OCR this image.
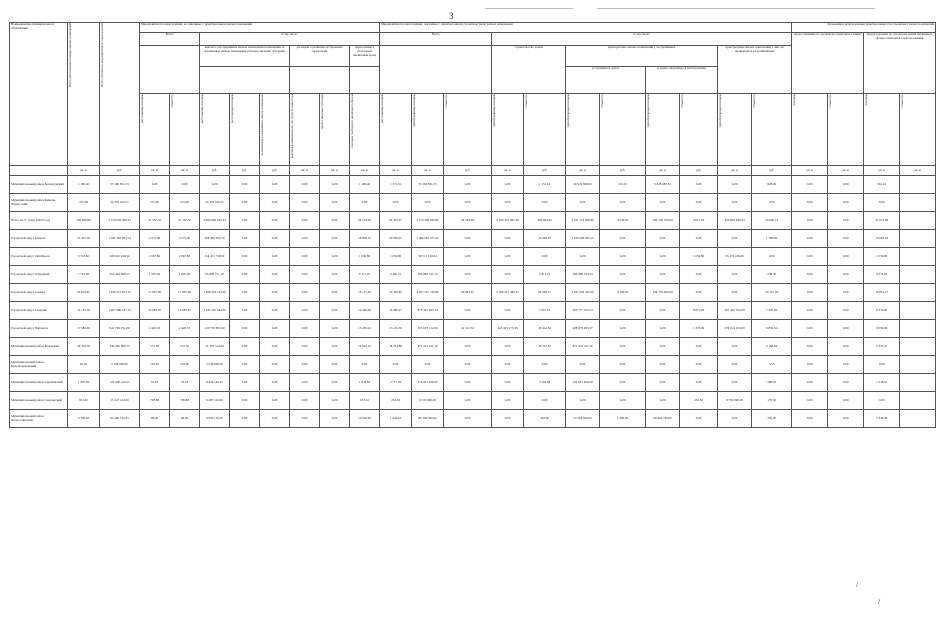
3
Наименование муниципального образования	Всего расселяемая площадь жилых помещений	Всего стоимость мероприятия по переселению	Мероприятия по переселению, не связанные с приобретением жилых помещений								Мероприятия по переселению, связанные с приобретением (строительством) жилых помещений											Дальнейшее использование приобретенных (построенных) жилых помещений			
			Всего		в том числе:						Всего			в том числе:								предоставление по договорам социального найма		предоставление по договорам найма жилищного фонда социального использования	
					выплата собственникам жилых помещений возмещения за изымаемые жилые помещения и предоставление субсидий			договоры о развитии застроенных территорий		переселение в свободный жилищный фонд				строительство домов		приобретение жилых помещений у застройщиков				приобретение жилых помещений у лиц, не являющихся застройщиками					
																в строящихся домах		в домах, введенных в эксплуатацию							

			расселяемая площадь	стоимость	расселяемая площадь	расселяемая площадь	возмещение за изымаемое жилое помещение	выплата возмещения за счет средств инвестора	предоставление субсидии	площадь свободного жилищного фонда	расселяемая площадь	приобретаемая площадь	стоимость	приобретаемая площадь	стоимость	приобретаемая площадь	стоимость	приобретаемая площадь	стоимость	приобретаемая площадь	стоимость	площадь	стоимость	площадь	стоимость

	кв. м	руб.	кв. м	кв. м	руб.	руб.	руб.	кв. м	кв. м	кв. м	кв. м	кв. м	руб.	кв. м	руб.	кв. м	руб.	кв. м	руб.	кв. м	руб.	кв. м	кв. м	кв. м	кв. м
Муниципальный район Безенчукский	1 190,40	55 160 831,53	0,00	0,00	0,00	0,00	0,00	0,00	0,00	1 190,40	1 371,01	55 160 831,53	0,00	0,00	1 151,16	49 541 848,00	161,25	5 618 983,53	0,00	0,00	828,99	0,00	0,00	361,41	
Муниципальный район Кинель-Черкасский	515,90	24 376 106,51	515,90	515,90	24 376 106,51	0,00	0,00	0,00	0,00	0,00	0,00	0,00	0,00	0,00	0,00	0,00	0,00	0,00	0,00	0,00	0,00	0,00	0,00	0,00	
Всего по V этапу (2023 год)	105 699,80	5 570 056 308,24	41 556,52	41 556,52	2 996 846 645,44	0,00	0,00	0,00	0,00	64 143,28	69 335,97	2 573 209 662,80	28 183,99	2 036 451 991,40	409 684,00	2 231 714 609,89	4 239,00	305 159 709,00	6 012,29	456 828 940,43	20 946,73	0,00	0,00	31 673,68	
Городской округ Кинель	23 415,30	1 382 365 085,74	4 575,00	4 575,00	308 483 035,74	0,00	0,00	0,00	0,00	18 839,70	20 099,25	1 086 063 371,45	0,00	0,00	15 699,25	1 040 996 005,16	0,00	0,00	0,00	0,00	1 780,00	0,00	0,00	12 063,26	
Городской округ Октябрьск	3 718,60	209 616 246,54	2 067,80	2 067,80	114 451 758,50	0,00	0,00	0,00	0,00	1 650,80	1 650,80	98 711 120,04	0,00	0,00	0,00	0,00	0,00	0,00	1 650,80	95 153 180,00	0,00	0,00	0,00	1 530,00	
Городской округ Отрадный	7 724,90	453 444 606,53	1 607,40	1 607,40	83 899 751,18	0,00	0,00	0,00	0,00	6 117,25	6 405,21	396 989 321,53	0,00	0,00	6 412,21	396 989 353,43	0,00	0,00	0,00	0,00	238,30	0,00	0,00	4 374,66	
Городской округ Самара	26 034,45	1 636 251 873,72	17 857,69	17 857,69	1 289 222 123,99	0,00	0,00	0,00	0,00	16 177,20	13 102,82	4 057 567 745,90	43 863,67	2 566 417 486,33	84 608,37	3 547 564 291,00	4 100,00	324 750 000,00	0,00	0,00	34 121,32	0,00	0,00	19 061,27	
Городской округ Сызрань	16 133,30	1 207 686 247,34	19 683,95	19 683,95	1 932 545 644,00	0,00	0,00	0,00	0,00	16 460,30	16 860,27	873 445 905,14	0,00	0,00	7 367,91	203 777 160,54	0,00	0,00	8 871,00	267 432 702,00	7 920,00	0,00	0,00	8 376,60	
Городской округ Чапаевск	17 580,60	941 799 251,06	2 420,35	2 420,35	120 730 805,90	0,00	0,00	0,00	0,00	15 230,24	23 115,30	305 097 112,00	42 121,32	445 425 173,18	20 414,36	208 079 005,37	0,00	0,00	1 370,90	670 614 255,00	6 832,32	0,00	0,00	9 059,06	
Муниципальный район Волжский	24 324,70	339 265 892,55	573,50	573,50	31 370 314,00	0,00	0,00	0,00	0,00	19 922,32	18 703,88	871 431 411,50	0,00	0,00	18 723,32	871 431 411,50	0,00	0,00	0,00	0,00	6 168,04	0,00	0,00	6 337,21	
Муниципальный район Красноармейский	95,40	5 188 000,00	163,60	163,60	2 530 000,00	0,00	0,00	0,00	0,00	0,00	0,00	0,00	0,00	0,00	0,00	0,00	0,00	0,00	0,00	0,00	5,55	0,00	0,00	0,00	
Муниципальный район Сергиевский	1 907,82	126 438 126,25	33,63	33,63	8 426 126,25	0,00	0,00	0,00	0,00	1 833,94	2 717,29	116 601 409,00	0,00	0,00	2 102,88	120 621 409,00	0,00	0,00	0,00	0,00	298,35	0,00	0,00	1 536,91	
Муниципальный район Сызранский	811,20	15 247 122,00	798,88	798,88	6 487 122,00	0,00	0,00	0,00	0,00	672,32	252,36	9 722 000,00	0,00	0,00	0,00	0,00	0,00	0,00	232,30	8 750 000,00	170,30	0,00	0,00	0,00	
Муниципальный район Хворостянский	4 700,62	94 298 126,35	98,40	98,40	6 830 170,30	0,00	0,00	0,00	0,00	14 630,00	1 642,63	88 300 000,00	0,00	0,00	363,00	27 084 663,00	1 280,00	66 664 783,00	0,00	0,00	350,00	0,00	0,00	1 246,38	
/
/
